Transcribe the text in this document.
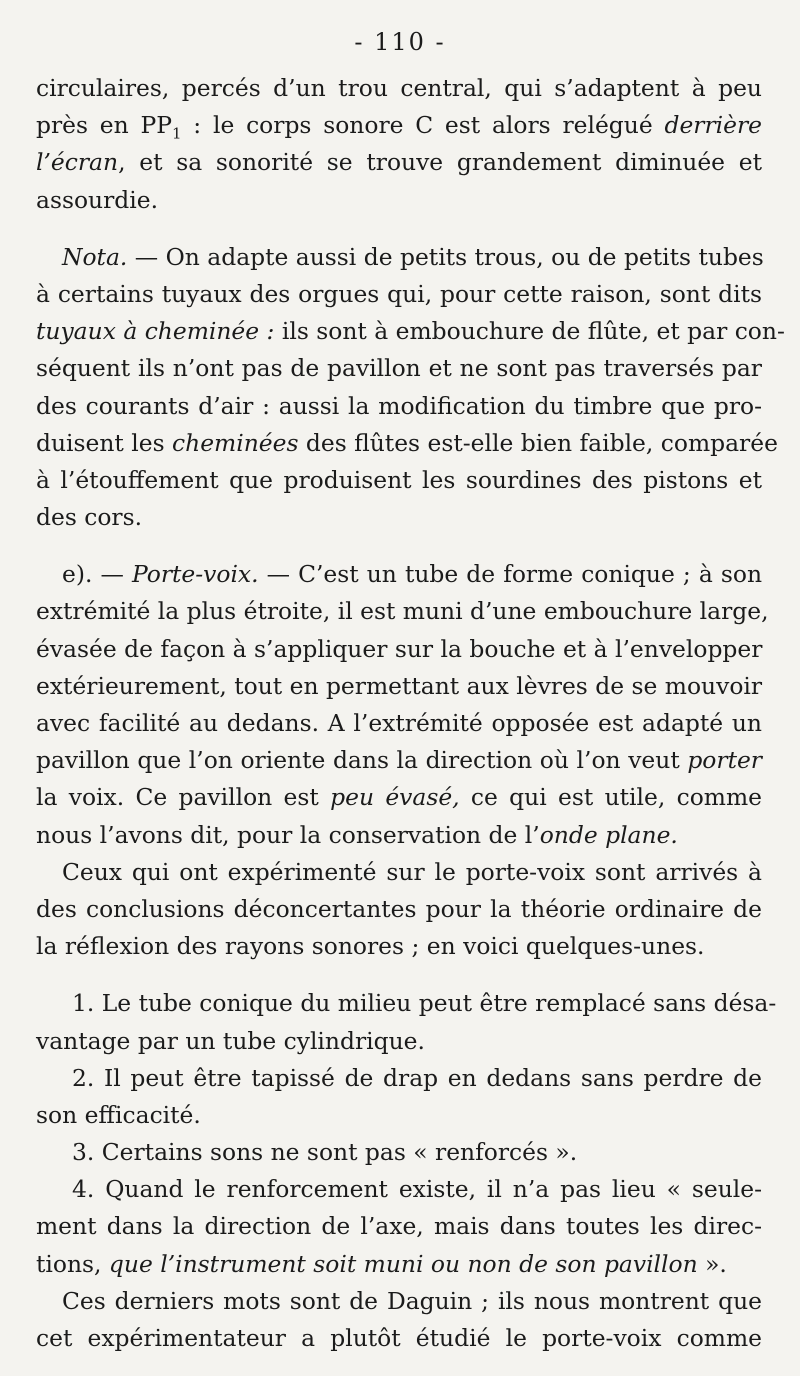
- 110 -
circulaires, percés d’un trou central, qui s’adaptent à peu
près en $PP_1$ : le corps sonore C est alors relégué derrière
l’écran, et sa sonorité se trouve grandement diminuée et
assourdie.
Nota. — On adapte aussi de petits trous, ou de petits tubes
à certains tuyaux des orgues qui, pour cette raison, sont dits
tuyaux à cheminée : ils sont à embouchure de flûte, et par con-
séquent ils n’ont pas de pavillon et ne sont pas traversés par
des courants d’air : aussi la modification du timbre que pro-
duisent les cheminées des flûtes est-elle bien faible, comparée
à l’étouffement que produisent les sourdines des pistons et
des cors.
e). — Porte-voix. — C’est un tube de forme conique ; à son
extrémité la plus étroite, il est muni d’une embouchure large,
évasée de façon à s’appliquer sur la bouche et à l’envelopper
extérieurement, tout en permettant aux lèvres de se mouvoir
avec facilité au dedans. A l’extrémité opposée est adapté un
pavillon que l’on oriente dans la direction où l’on veut porter
la voix. Ce pavillon est peu évasé, ce qui est utile, comme
nous l’avons dit, pour la conservation de l’onde plane.
Ceux qui ont expérimenté sur le porte-voix sont arrivés à
des conclusions déconcertantes pour la théorie ordinaire de
la réflexion des rayons sonores ; en voici quelques-unes.
1. Le tube conique du milieu peut être remplacé sans désa-
vantage par un tube cylindrique.
2. Il peut être tapissé de drap en dedans sans perdre de
son efficacité.
3. Certains sons ne sont pas « renforcés ».
4. Quand le renforcement existe, il n’a pas lieu « seule-
ment dans la direction de l’axe, mais dans toutes les direc-
tions, que l’instrument soit muni ou non de son pavillon ».
Ces derniers mots sont de Daguin ; ils nous montrent que
cet expérimentateur a plutôt étudié le porte-voix comme
